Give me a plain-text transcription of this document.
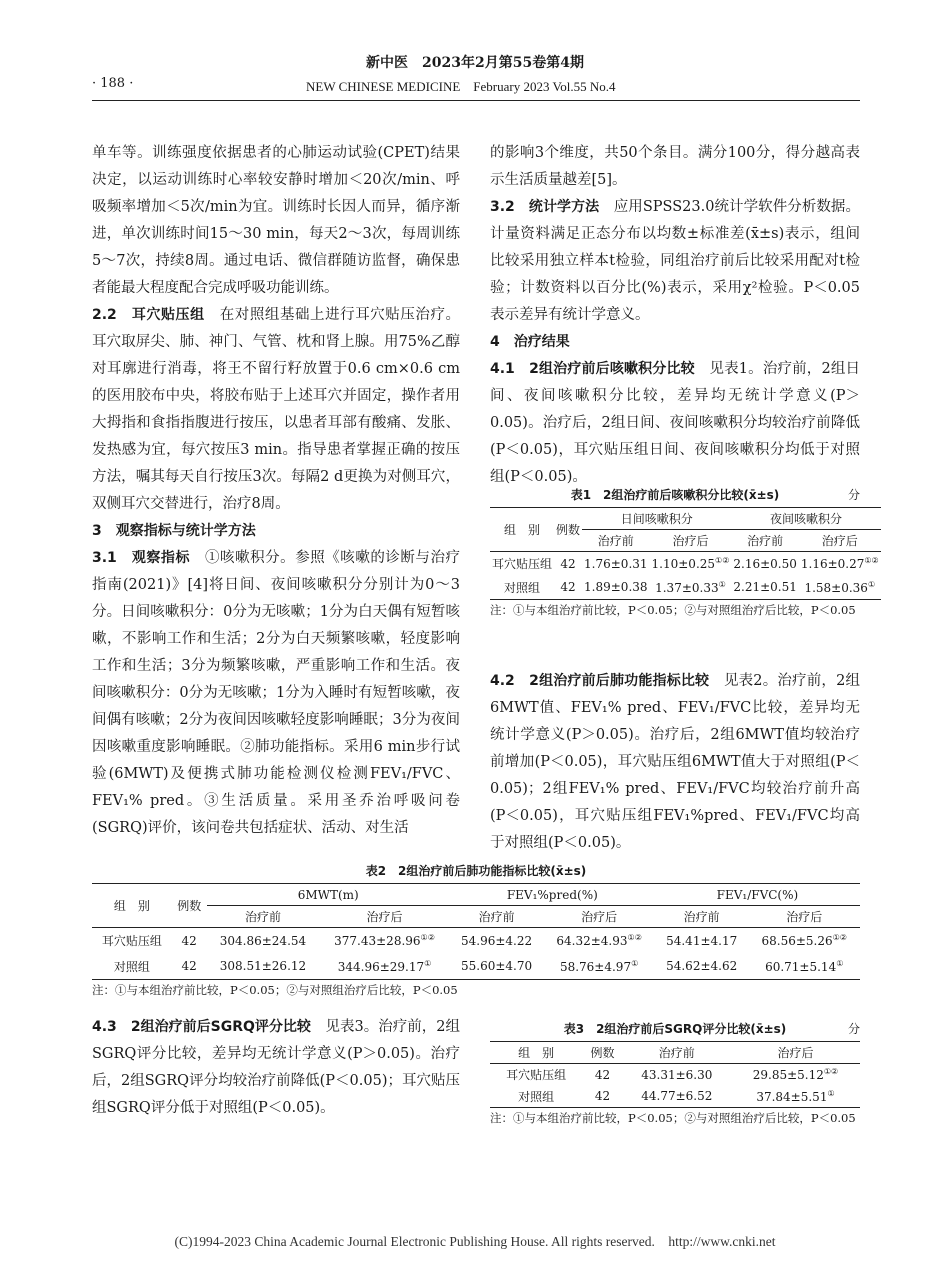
新中医　2023年2月第55卷第4期
· 188 ·	NEW CHINESE MEDICINE　February 2023 Vol.55 No.4

单车等。训练强度依据患者的心肺运动试验(CPET)结果决定，以运动训练时心率较安静时增加＜20次/min、呼吸频率增加＜5次/min为宜。训练时长因人而异，循序渐进，单次训练时间15～30 min，每天2～3次，每周训练5～7次，持续8周。通过电话、微信群随访监督，确保患者能最大程度配合完成呼吸功能训练。

2.2　耳穴贴压组　 在对照组基础上进行耳穴贴压治疗。耳穴取屏尖、肺、神门、气管、枕和肾上腺。用75%乙醇对耳廓进行消毒，将王不留行籽放置于0.6 cm×0.6 cm的医用胶布中央，将胶布贴于上述耳穴并固定，操作者用大拇指和食指指腹进行按压，以患者耳部有酸痛、发胀、发热感为宜，每穴按压3 min。指导患者掌握正确的按压方法，嘱其每天自行按压3次。每隔2 d更换为对侧耳穴，双侧耳穴交替进行，治疗8周。

3　观察指标与统计学方法

3.1　观察指标　 ①咳嗽积分。参照《咳嗽的诊断与治疗指南(2021)》[4]将日间、夜间咳嗽积分分别计为0～3分。日间咳嗽积分：0分为无咳嗽；1分为白天偶有短暂咳嗽，不影响工作和生活；2分为白天频繁咳嗽，轻度影响工作和生活；3分为频繁咳嗽，严重影响工作和生活。夜间咳嗽积分：0分为无咳嗽；1分为入睡时有短暂咳嗽，夜间偶有咳嗽；2分为夜间因咳嗽轻度影响睡眠；3分为夜间因咳嗽重度影响睡眠。②肺功能指标。采用6 min步行试验(6MWT)及便携式肺功能检测仪检测FEV₁/FVC、FEV₁% pred。③生活质量。采用圣乔治呼吸问卷(SGRQ)评价，该问卷共包括症状、活动、对生活

的影响3个维度，共50个条目。满分100分，得分越高表示生活质量越差[5]。

3.2　统计学方法　 应用SPSS23.0统计学软件分析数据。计量资料满足正态分布以均数±标准差(x̄±s)表示，组间比较采用独立样本t检验，同组治疗前后比较采用配对t检验；计数资料以百分比(%)表示，采用χ²检验。P＜0.05表示差异有统计学意义。

4　治疗结果

4.1　2组治疗前后咳嗽积分比较　 见表1。治疗前，2组日间、夜间咳嗽积分比较，差异均无统计学意义(P＞0.05)。治疗后，2组日间、夜间咳嗽积分均较治疗前降低(P＜0.05)，耳穴贴压组日间、夜间咳嗽积分均低于对照组(P＜0.05)。

表1　2组治疗前后咳嗽积分比较(x̄±s)	分
组　别	例数	日间咳嗽积分		夜间咳嗽积分	
		治疗前	治疗后	治疗前	治疗后
耳穴贴压组	42	1.76±0.31	1.10±0.25①②	2.16±0.50	1.16±0.27①②
对照组	42	1.89±0.38	1.37±0.33①	2.21±0.51	1.58±0.36①
注：①与本组治疗前比较，P＜0.05；②与对照组治疗后比较，P＜0.05

4.2　2组治疗前后肺功能指标比较　 见表2。治疗前，2组6MWT值、FEV₁% pred、FEV₁/FVC比较，差异均无统计学意义(P＞0.05)。治疗后，2组6MWT值均较治疗前增加(P＜0.05)，耳穴贴压组6MWT值大于对照组(P＜0.05)；2组FEV₁% pred、FEV₁/FVC均较治疗前升高(P＜0.05)，耳穴贴压组FEV₁%pred、FEV₁/FVC均高于对照组(P＜0.05)。

表2　2组治疗前后肺功能指标比较(x̄±s)
组　别	例数	6MWT(m)		FEV₁%pred(%)		FEV₁/FVC(%)	
		治疗前	治疗后	治疗前	治疗后	治疗前	治疗后
耳穴贴压组	42	304.86±24.54	377.43±28.96①②	54.96±4.22	64.32±4.93①②	54.41±4.17	68.56±5.26①②
对照组	42	308.51±26.12	344.96±29.17①	55.60±4.70	58.76±4.97①	54.62±4.62	60.71±5.14①
注：①与本组治疗前比较，P＜0.05；②与对照组治疗后比较，P＜0.05

4.3　2组治疗前后SGRQ评分比较　 见表3。治疗前，2组SGRQ评分比较，差异均无统计学意义(P＞0.05)。治疗后，2组SGRQ评分均较治疗前降低(P＜0.05)；耳穴贴压组SGRQ评分低于对照组(P＜0.05)。

表3　2组治疗前后SGRQ评分比较(x̄±s)	分
组　别	例数	治疗前	治疗后
耳穴贴压组	42	43.31±6.30	29.85±5.12①②
对照组	42	44.77±6.52	37.84±5.51①
注：①与本组治疗前比较，P＜0.05；②与对照组治疗后比较，P＜0.05
(C)1994-2023 China Academic Journal Electronic Publishing House. All rights reserved.　http://www.cnki.net
